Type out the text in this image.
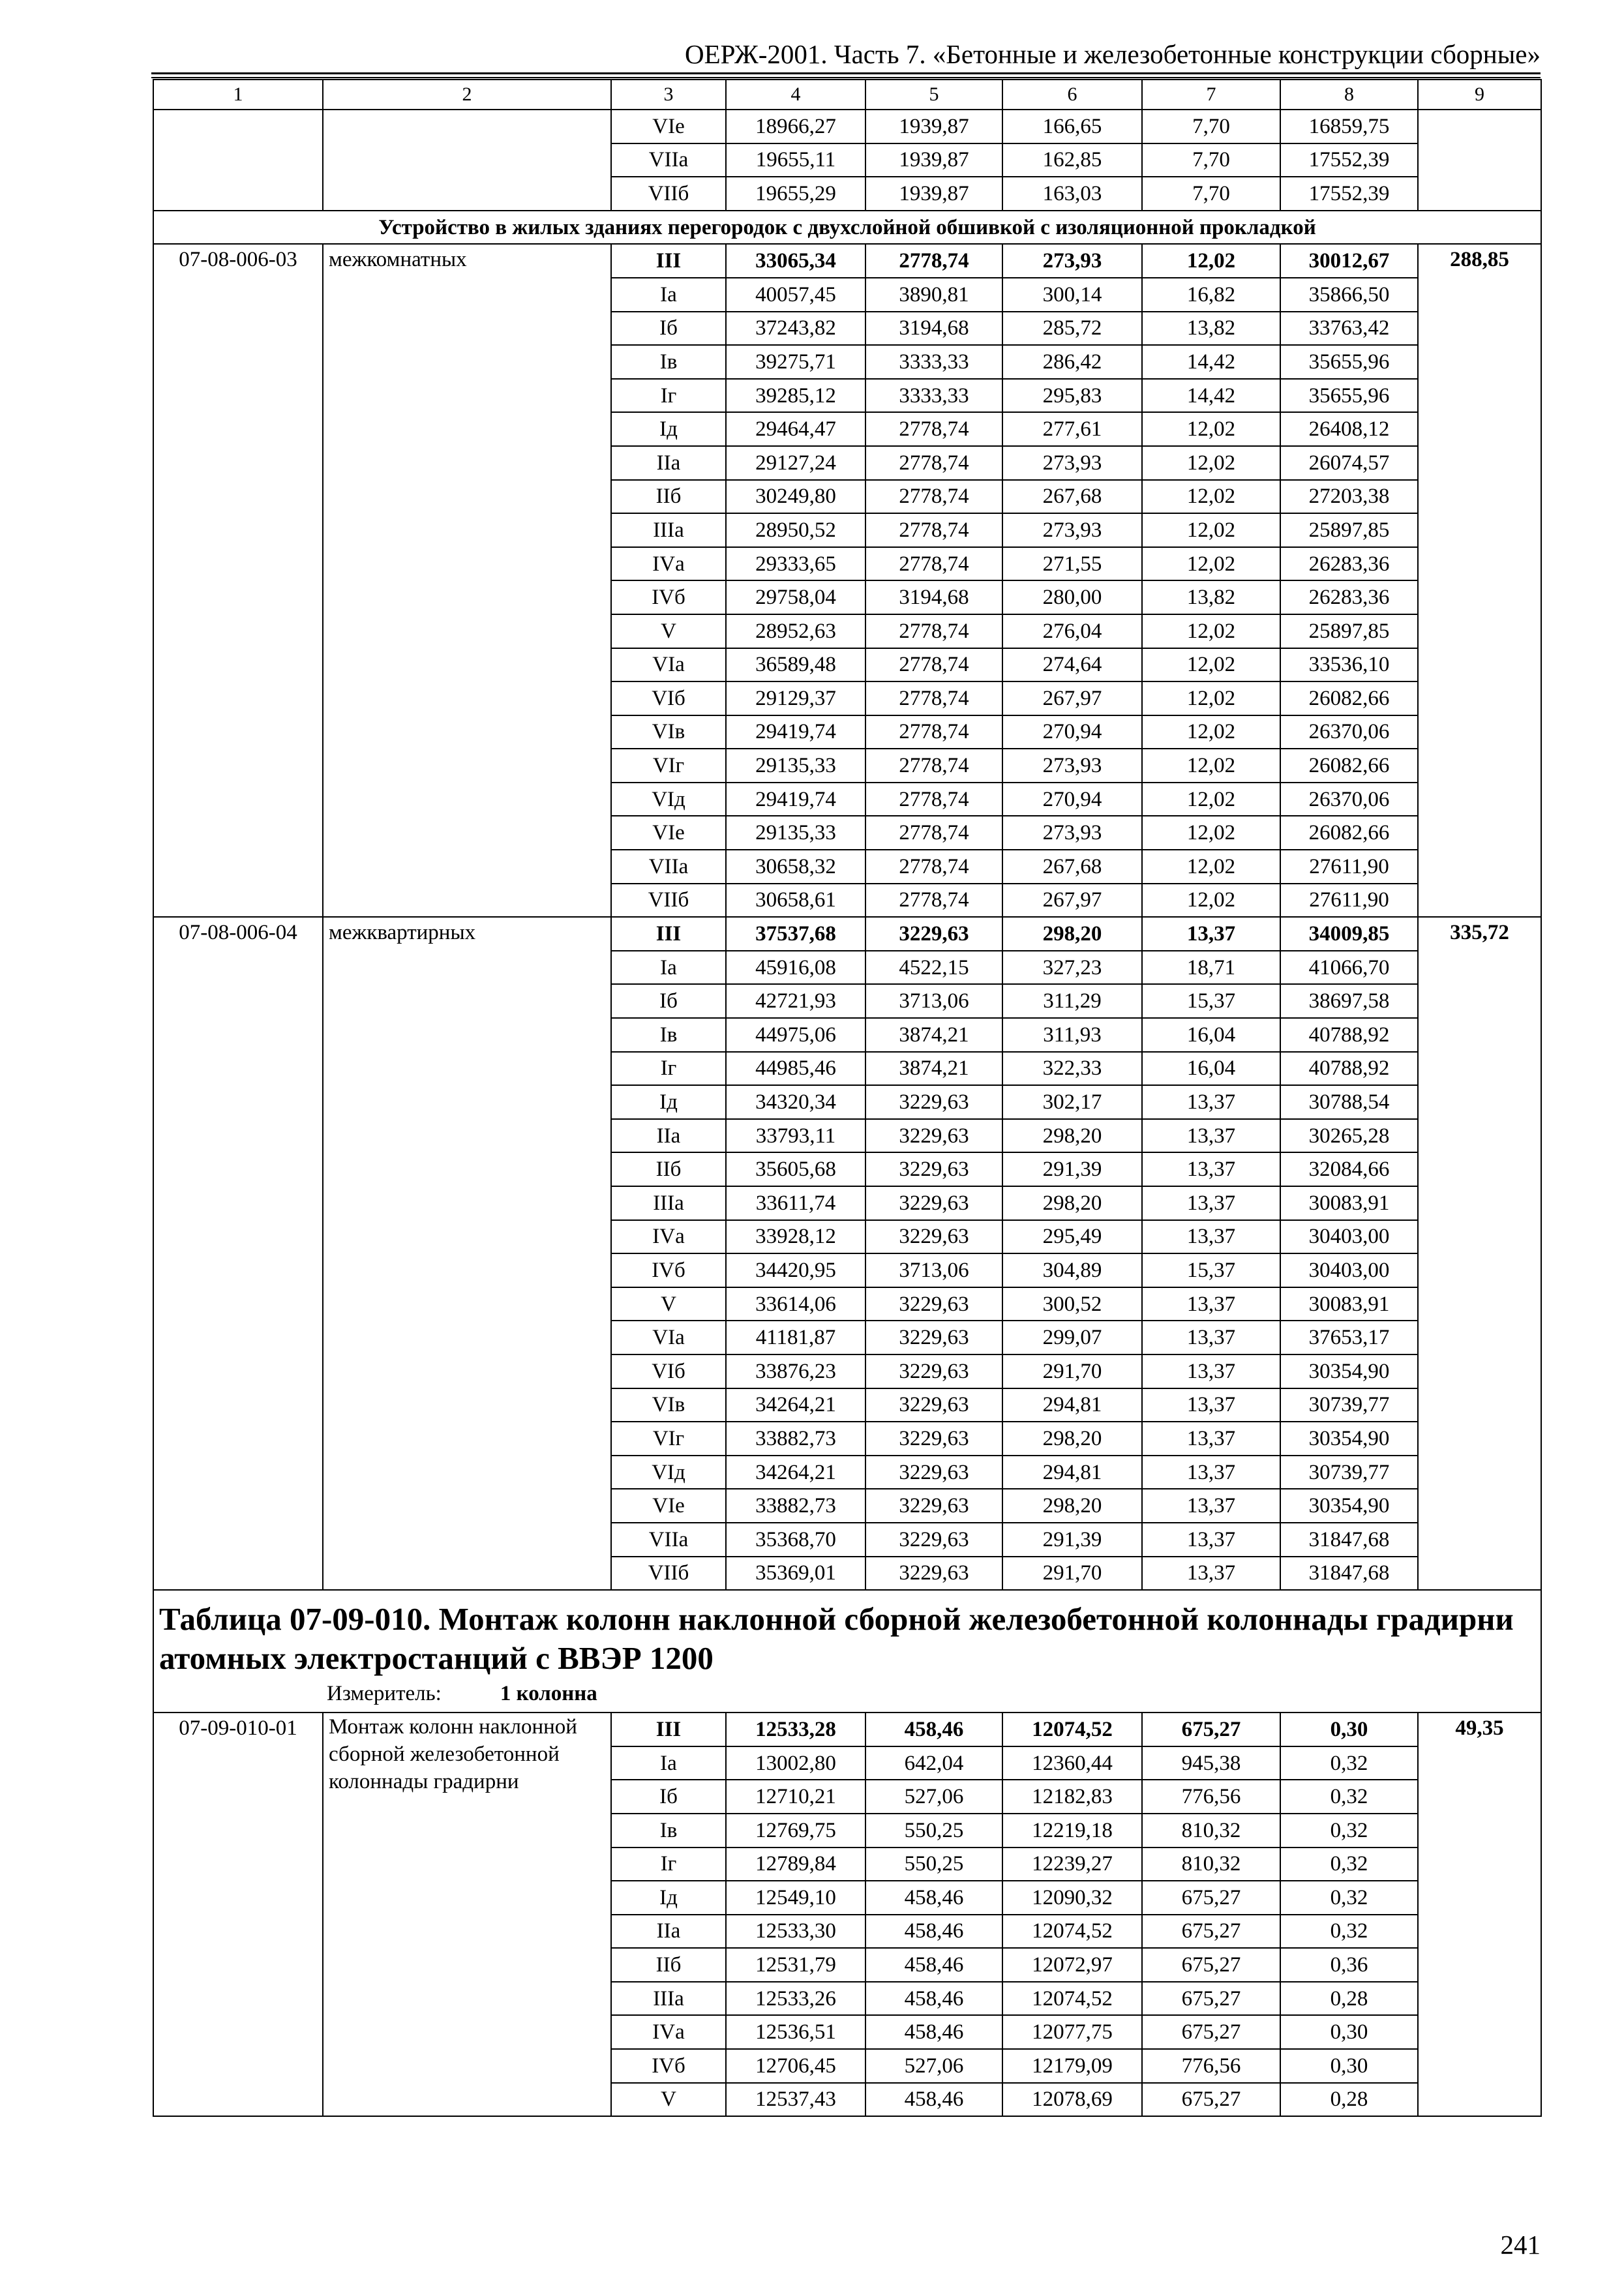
ОЕРЖ-2001. Часть 7. «Бетонные и железобетонные конструкции сборные»
1	2	3	4	5	6	7	8	9
		VIе	18966,27	1939,87	166,65	7,70	16859,75	
		VIIа	19655,11	1939,87	162,85	7,70	17552,39	
		VIIб	19655,29	1939,87	163,03	7,70	17552,39	
Устройство в жилых зданиях перегородок с двухслойной обшивкой с изоляционной прокладкой								
07-08-006-03	межкомнатных	III	33065,34	2778,74	273,93	12,02	30012,67	288,85
		Iа	40057,45	3890,81	300,14	16,82	35866,50	
		Iб	37243,82	3194,68	285,72	13,82	33763,42	
		Iв	39275,71	3333,33	286,42	14,42	35655,96	
		Iг	39285,12	3333,33	295,83	14,42	35655,96	
		Iд	29464,47	2778,74	277,61	12,02	26408,12	
		IIа	29127,24	2778,74	273,93	12,02	26074,57	
		IIб	30249,80	2778,74	267,68	12,02	27203,38	
		IIIа	28950,52	2778,74	273,93	12,02	25897,85	
		IVа	29333,65	2778,74	271,55	12,02	26283,36	
		IVб	29758,04	3194,68	280,00	13,82	26283,36	
		V	28952,63	2778,74	276,04	12,02	25897,85	
		VIа	36589,48	2778,74	274,64	12,02	33536,10	
		VIб	29129,37	2778,74	267,97	12,02	26082,66	
		VIв	29419,74	2778,74	270,94	12,02	26370,06	
		VIг	29135,33	2778,74	273,93	12,02	26082,66	
		VIд	29419,74	2778,74	270,94	12,02	26370,06	
		VIе	29135,33	2778,74	273,93	12,02	26082,66	
		VIIа	30658,32	2778,74	267,68	12,02	27611,90	
		VIIб	30658,61	2778,74	267,97	12,02	27611,90	
07-08-006-04	межквартирных	III	37537,68	3229,63	298,20	13,37	34009,85	335,72
		Iа	45916,08	4522,15	327,23	18,71	41066,70	
		Iб	42721,93	3713,06	311,29	15,37	38697,58	
		Iв	44975,06	3874,21	311,93	16,04	40788,92	
		Iг	44985,46	3874,21	322,33	16,04	40788,92	
		Iд	34320,34	3229,63	302,17	13,37	30788,54	
		IIа	33793,11	3229,63	298,20	13,37	30265,28	
		IIб	35605,68	3229,63	291,39	13,37	32084,66	
		IIIа	33611,74	3229,63	298,20	13,37	30083,91	
		IVа	33928,12	3229,63	295,49	13,37	30403,00	
		IVб	34420,95	3713,06	304,89	15,37	30403,00	
		V	33614,06	3229,63	300,52	13,37	30083,91	
		VIа	41181,87	3229,63	299,07	13,37	37653,17	
		VIб	33876,23	3229,63	291,70	13,37	30354,90	
		VIв	34264,21	3229,63	294,81	13,37	30739,77	
		VIг	33882,73	3229,63	298,20	13,37	30354,90	
		VIд	34264,21	3229,63	294,81	13,37	30739,77	
		VIе	33882,73	3229,63	298,20	13,37	30354,90	
		VIIа	35368,70	3229,63	291,39	13,37	31847,68	
		VIIб	35369,01	3229,63	291,70	13,37	31847,68	

Таблица 07-09-010. Монтаж колонн наклонной сборной железобетонной колоннады градирни атомных электростанций с ВВЭР 1200
Измеритель: 1 колонна								

07-09-010-01	Монтаж колонн наклонной сборной железобетонной колоннады градирни	III	12533,28	458,46	12074,52	675,27	0,30	49,35
		Iа	13002,80	642,04	12360,44	945,38	0,32	
		Iб	12710,21	527,06	12182,83	776,56	0,32	
		Iв	12769,75	550,25	12219,18	810,32	0,32	
		Iг	12789,84	550,25	12239,27	810,32	0,32	
		Iд	12549,10	458,46	12090,32	675,27	0,32	
		IIа	12533,30	458,46	12074,52	675,27	0,32	
		IIб	12531,79	458,46	12072,97	675,27	0,36	
		IIIа	12533,26	458,46	12074,52	675,27	0,28	
		IVа	12536,51	458,46	12077,75	675,27	0,30	
		IVб	12706,45	527,06	12179,09	776,56	0,30	
		V	12537,43	458,46	12078,69	675,27	0,28	
241
